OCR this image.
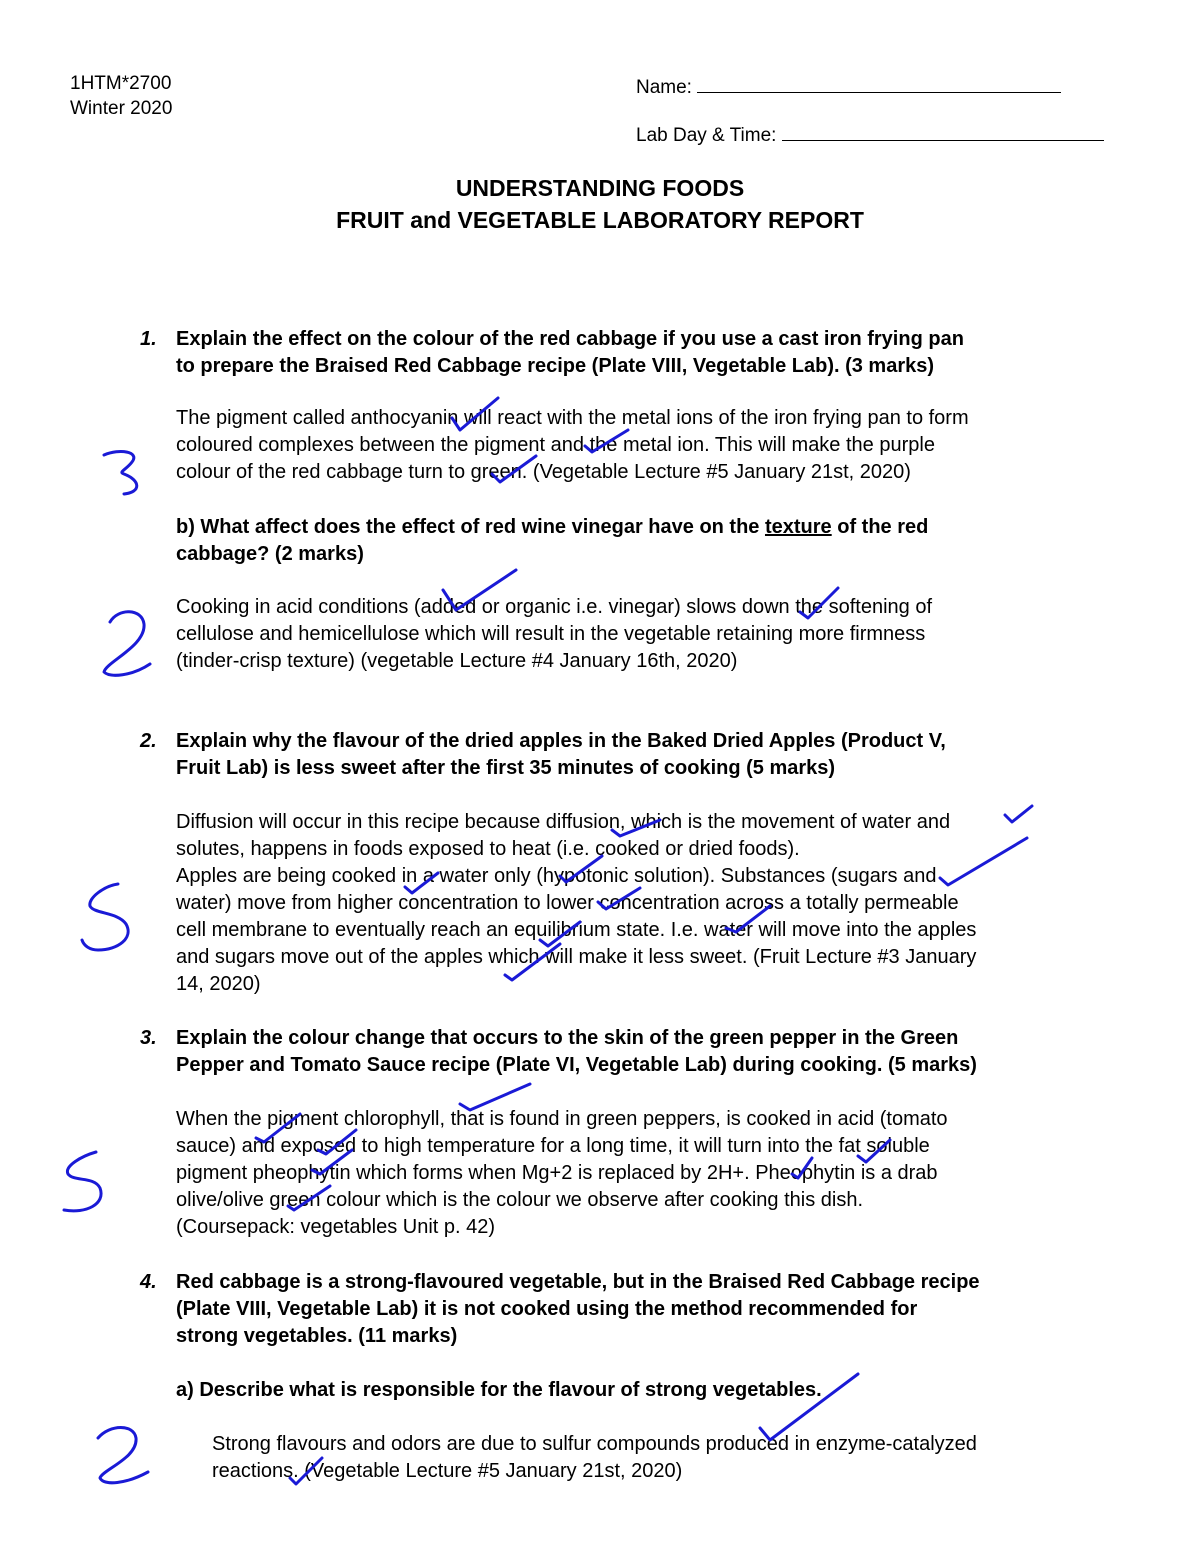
1HTM*2700
Winter 2020
Name:
Lab Day & Time:
UNDERSTANDING FOODS
FRUIT and VEGETABLE LABORATORY REPORT
1. Explain the effect on the colour of the red cabbage if you use a cast iron frying pan
to prepare the Braised Red Cabbage recipe (Plate VIII, Vegetable Lab). (3 marks)
The pigment called anthocyanin will react with the metal ions of the iron frying pan to form
coloured complexes between the pigment and the metal ion. This will make the purple
colour of the red cabbage turn to green. (Vegetable Lecture #5 January 21st, 2020)
b) What affect does the effect of red wine vinegar have on the texture of the red
cabbage? (2 marks)
Cooking in acid conditions (added or organic i.e. vinegar) slows down the softening of
cellulose and hemicellulose which will result in the vegetable retaining more firmness
(tinder-crisp texture) (vegetable Lecture #4 January 16th, 2020)
2. Explain why the flavour of the dried apples in the Baked Dried Apples (Product V,
Fruit Lab) is less sweet after the first 35 minutes of cooking (5 marks)
Diffusion will occur in this recipe because diffusion, which is the movement of water and
solutes, happens in foods exposed to heat (i.e. cooked or dried foods).
Apples are being cooked in a water only (hypotonic solution). Substances (sugars and
water) move from higher concentration to lower concentration across a totally permeable
cell membrane to eventually reach an equilibrium state. I.e. water will move into the apples
and sugars move out of the apples which will make it less sweet. (Fruit Lecture #3 January
14, 2020)
3. Explain the colour change that occurs to the skin of the green pepper in the Green
Pepper and Tomato Sauce recipe (Plate VI, Vegetable Lab) during cooking. (5 marks)
When the pigment chlorophyll, that is found in green peppers, is cooked in acid (tomato
sauce) and exposed to high temperature for a long time, it will turn into the fat soluble
pigment pheophytin which forms when Mg+2 is replaced by 2H+. Pheophytin is a drab
olive/olive green colour which is the colour we observe after cooking this dish.
(Coursepack: vegetables Unit p. 42)
4. Red cabbage is a strong-flavoured vegetable, but in the Braised Red Cabbage recipe
(Plate VIII, Vegetable Lab) it is not cooked using the method recommended for
strong vegetables. (11 marks)
a) Describe what is responsible for the flavour of strong vegetables.
Strong flavours and odors are due to sulfur compounds produced in enzyme-catalyzed
reactions. (Vegetable Lecture #5 January 21st, 2020)
